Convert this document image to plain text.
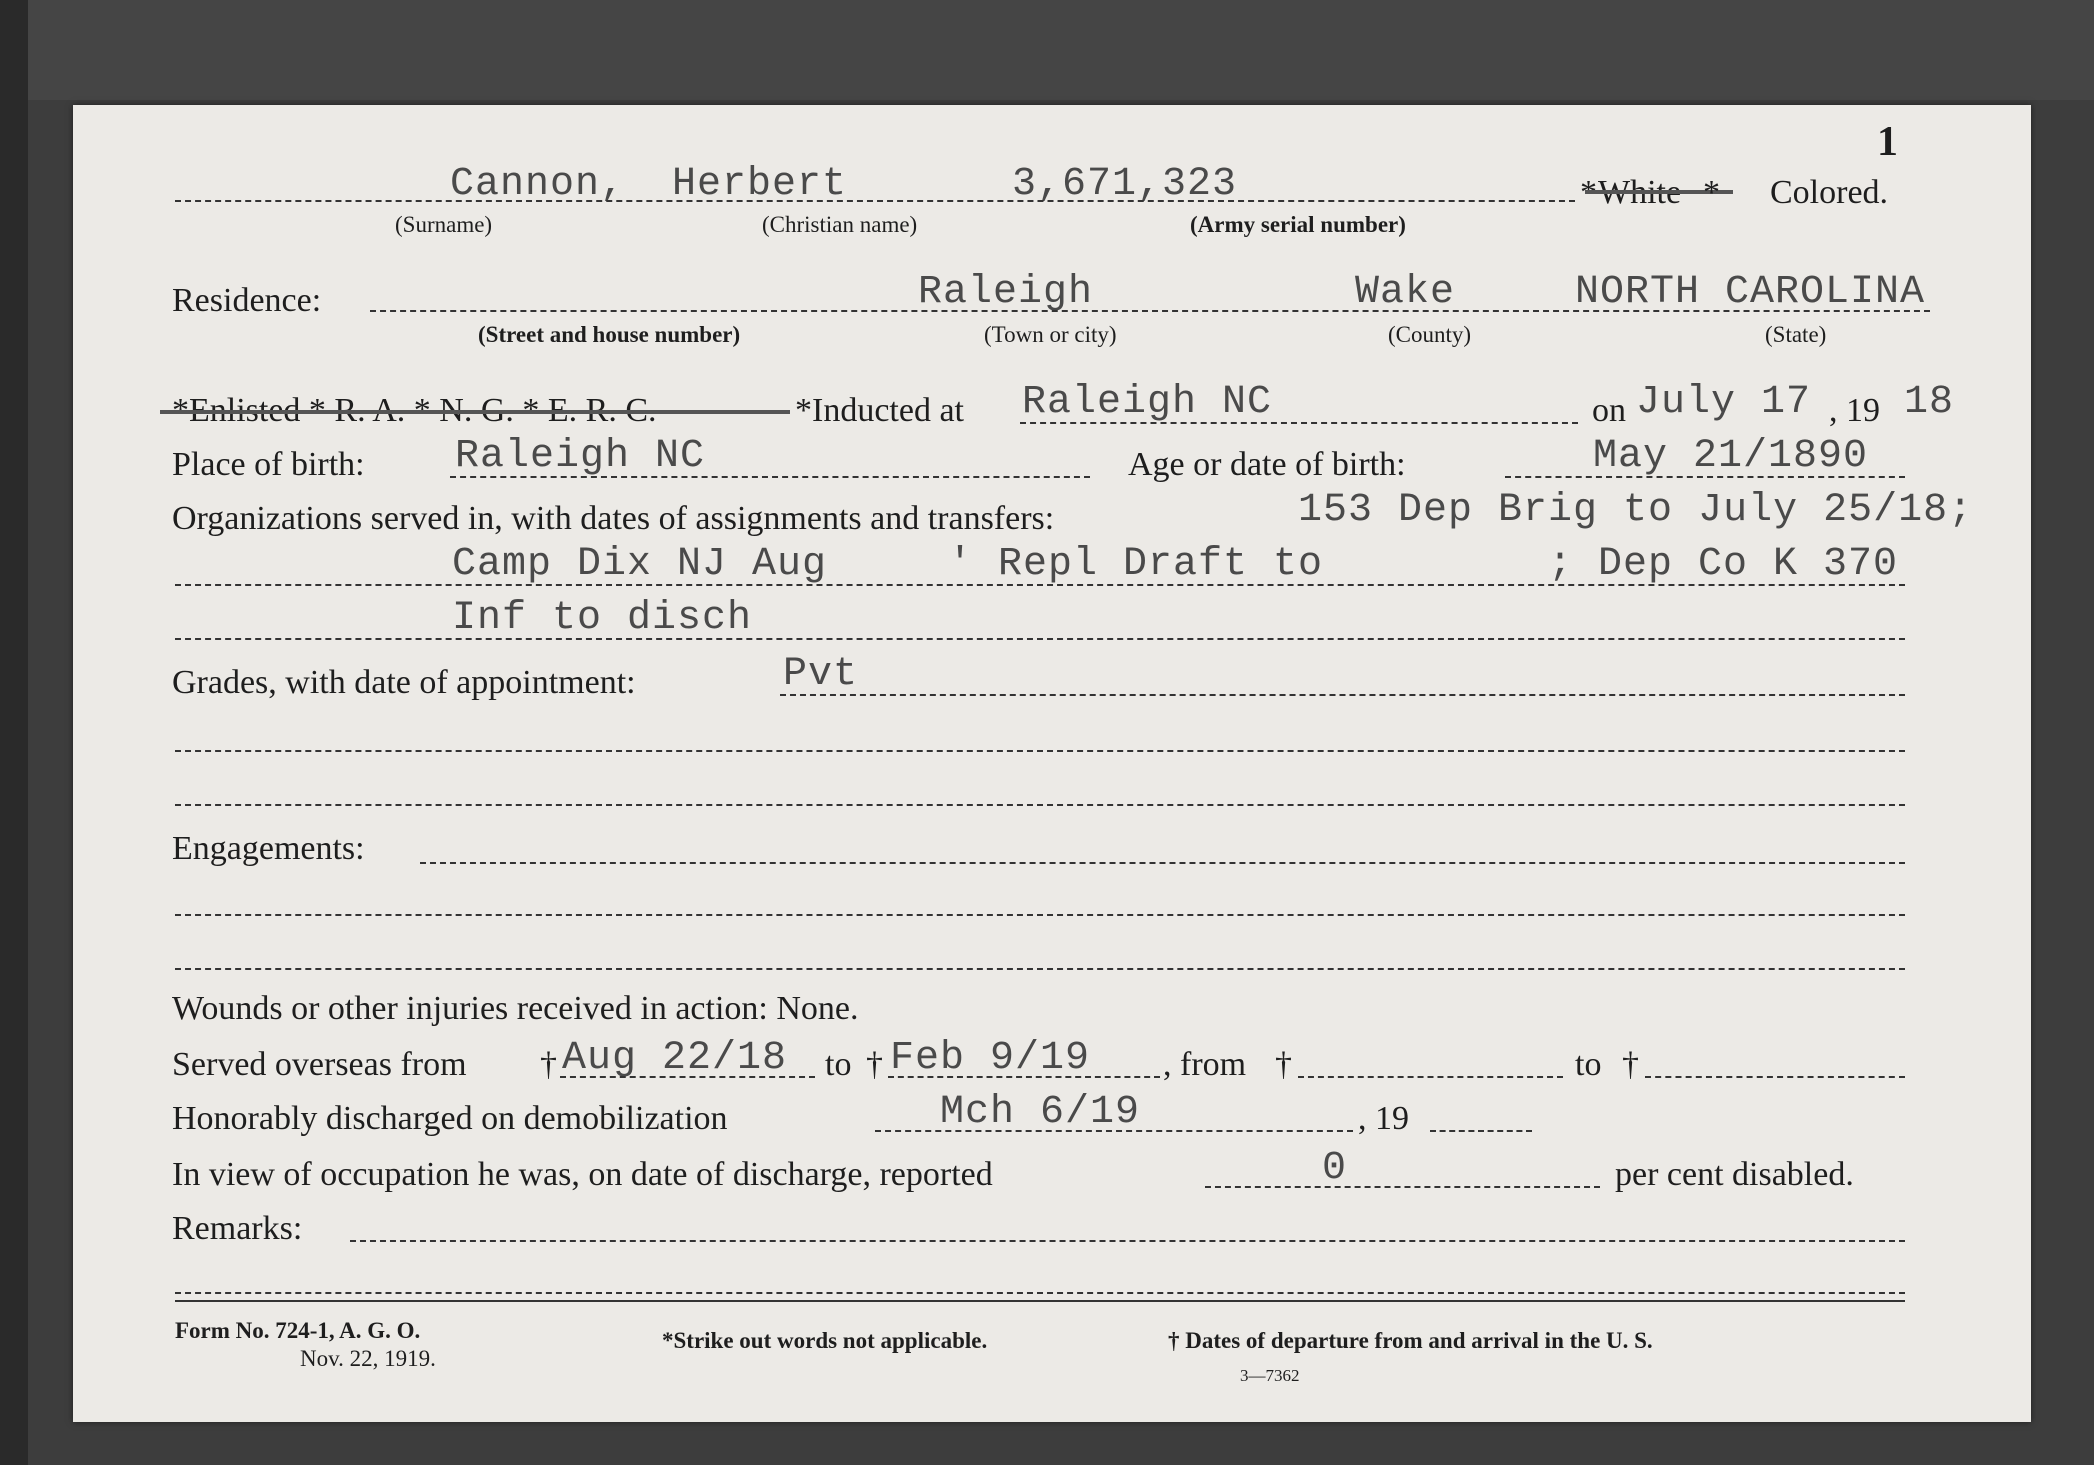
1
Cannon, Herbert	3,671,323	* White * Colored.
(Surname)	(Christian name)	(Army serial number)
Residence:	Raleigh	Wake	NORTH CAROLINA
(Street and house number)	(Town or city)	(County)	(State)
*Enlisted * R. A. * N. G. * E. R. C.	*Inducted at Raleigh NC	on July 17 , 19 18
Place of birth: Raleigh NC	Age or date of birth:	May 21/1890
Organizations served in, with dates of assignments and transfers:	153 Dep Brig to July 25/18;
Camp Dix NJ Aug	' Repl Draft to	; Dep Co K 370
Inf to disch
Grades, with date of appointment:	Pvt
Engagements:
Wounds or other injuries received in action: None.
Served overseas from † Aug 22/18 to † Feb 9/19 , from †	to †
Honorably discharged on demobilization	Mch 6/19	, 19
In view of occupation he was, on date of discharge, reported	0	per cent disabled.
Remarks:
Form No. 724-1, A. G. O.
Nov. 22, 1919.
*Strike out words not applicable.	† Dates of departure from and arrival in the U. S.
3—7362
